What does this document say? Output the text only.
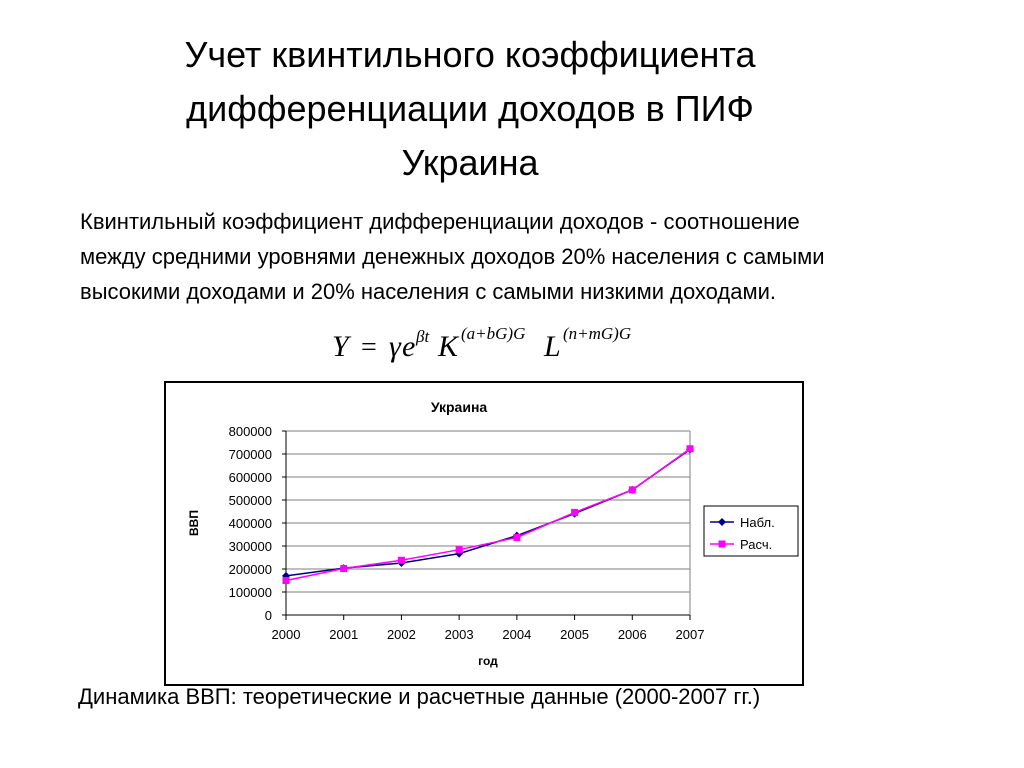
Учет квинтильного коэффициента
дифференциации доходов в ПИФ
Украина
Квинтильный коэффициент дифференциации доходов - соотношение
между средними уровнями денежных доходов 20% населения с самыми
высокими доходами и 20% населения с самыми низкими доходами.
Y = γ e βt K (a+bG)G L (n+mG)G
Украина
0
100000
200000
300000
400000
500000
600000
700000
800000
2000 2001 2002 2003 2004 2005 2006 2007
ВВП
год
Набл.
Расч.
Динамика ВВП: теоретические и расчетные данные (2000-2007 гг.)
